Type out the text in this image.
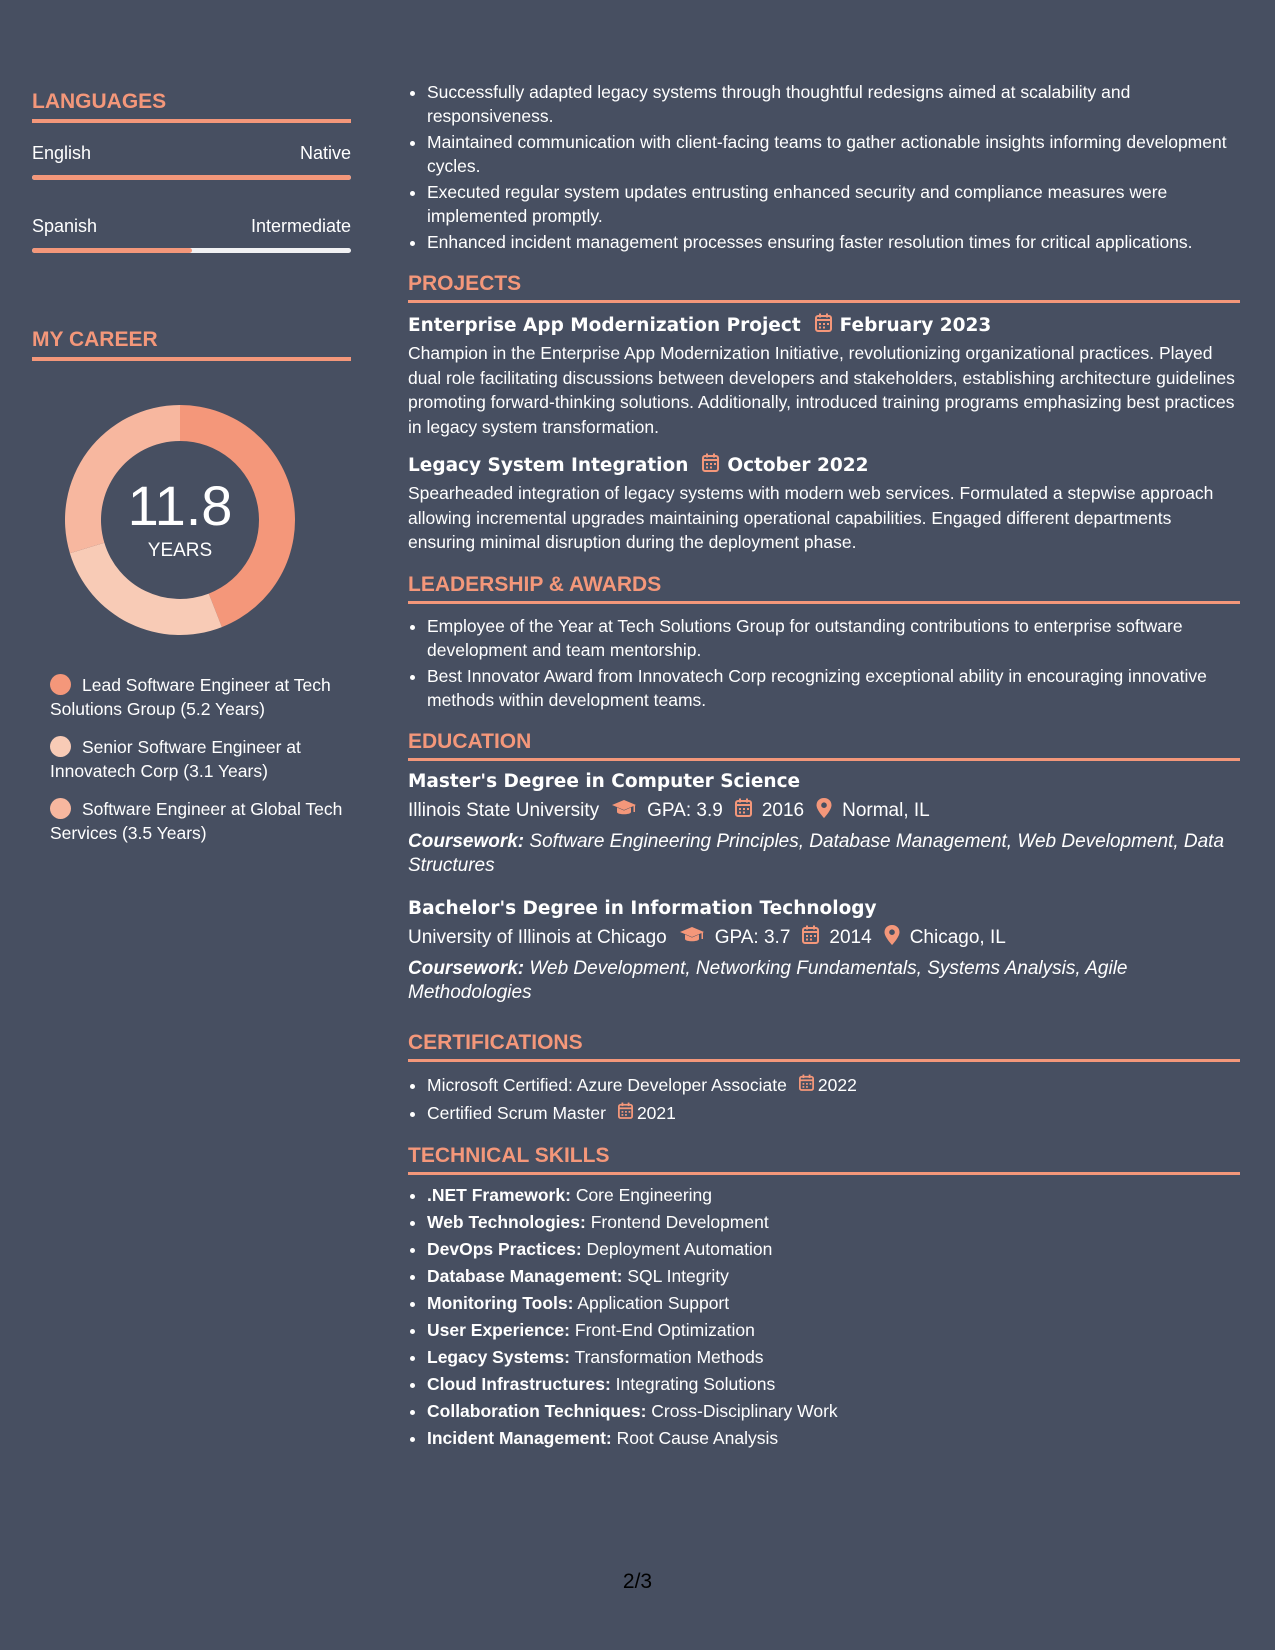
LANGUAGES
English	Native
Spanish	Intermediate
MY CAREER
11.8
YEARS
Lead Software Engineer at Tech Solutions Group (5.2 Years)
Senior Software Engineer at Innovatech Corp (3.1 Years)
Software Engineer at Global Tech Services (3.5 Years)
• Successfully adapted legacy systems through thoughtful redesigns aimed at scalability and responsiveness.
• Maintained communication with client-facing teams to gather actionable insights informing development cycles.
• Executed regular system updates entrusting enhanced security and compliance measures were implemented promptly.
• Enhanced incident management processes ensuring faster resolution times for critical applications.
PROJECTS
Enterprise App Modernization Project February 2023
Champion in the Enterprise App Modernization Initiative, revolutionizing organizational practices. Played dual role facilitating discussions between developers and stakeholders, establishing architecture guidelines promoting forward-thinking solutions. Additionally, introduced training programs emphasizing best practices in legacy system transformation.
Legacy System Integration October 2022
Spearheaded integration of legacy systems with modern web services. Formulated a stepwise approach allowing incremental upgrades maintaining operational capabilities. Engaged different departments ensuring minimal disruption during the deployment phase.
LEADERSHIP & AWARDS
• Employee of the Year at Tech Solutions Group for outstanding contributions to enterprise software development and team mentorship.
• Best Innovator Award from Innovatech Corp recognizing exceptional ability in encouraging innovative methods within development teams.
EDUCATION
Master's Degree in Computer Science
Illinois State University	GPA: 3.9 2016 Normal, IL
Coursework: Software Engineering Principles, Database Management, Web Development, Data Structures
Bachelor's Degree in Information Technology
University of Illinois at Chicago	GPA: 3.7 2014 Chicago, IL
Coursework: Web Development, Networking Fundamentals, Systems Analysis, Agile Methodologies
CERTIFICATIONS
• Microsoft Certified: Azure Developer Associate 2022
• Certified Scrum Master 2021
TECHNICAL SKILLS
• .NET Framework: Core Engineering
• Web Technologies: Frontend Development
• DevOps Practices: Deployment Automation
• Database Management: SQL Integrity
• Monitoring Tools: Application Support
• User Experience: Front-End Optimization
• Legacy Systems: Transformation Methods
• Cloud Infrastructures: Integrating Solutions
• Collaboration Techniques: Cross-Disciplinary Work
• Incident Management: Root Cause Analysis
2/3
